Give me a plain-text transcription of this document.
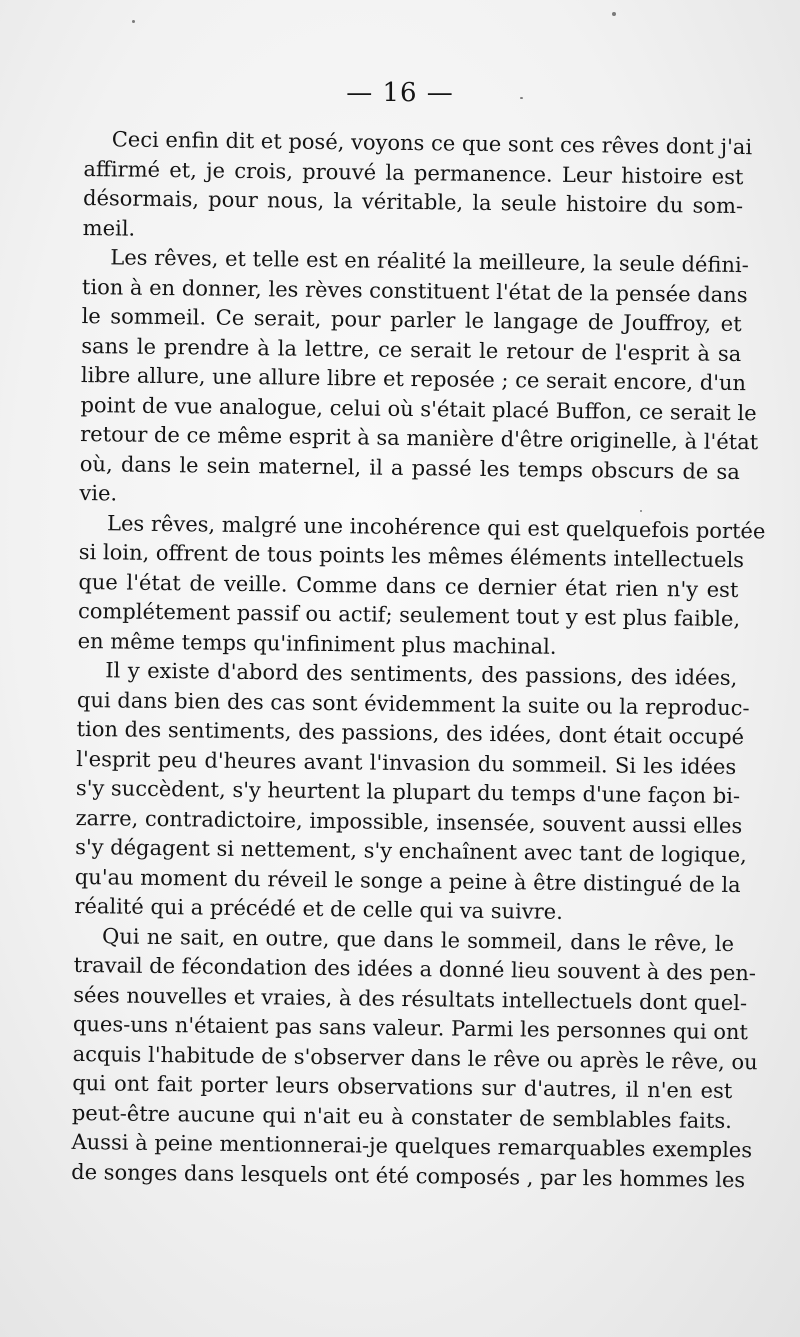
— 16 —

Ceci enfin dit et posé, voyons ce que sont ces rêves dont j'ai
affirmé et, je crois, prouvé la permanence. Leur histoire est
désormais, pour nous, la véritable, la seule histoire du som-
meil.

Les rêves, et telle est en réalité la meilleure, la seule défini-
tion à en donner, les rèves constituent l'état de la pensée dans
le sommeil. Ce serait, pour parler le langage de Jouffroy, et
sans le prendre à la lettre, ce serait le retour de l'esprit à sa
libre allure, une allure libre et reposée ; ce serait encore, d'un
point de vue analogue, celui où s'était placé Buffon, ce serait le
retour de ce même esprit à sa manière d'être originelle, à l'état
où, dans le sein maternel, il a passé les temps obscurs de sa
vie.

Les rêves, malgré une incohérence qui est quelquefois portée
si loin, offrent de tous points les mêmes éléments intellectuels
que l'état de veille. Comme dans ce dernier état rien n'y est
complétement passif ou actif; seulement tout y est plus faible,
en même temps qu'infiniment plus machinal.

Il y existe d'abord des sentiments, des passions, des idées,
qui dans bien des cas sont évidemment la suite ou la reproduc-
tion des sentiments, des passions, des idées, dont était occupé
l'esprit peu d'heures avant l'invasion du sommeil. Si les idées
s'y succèdent, s'y heurtent la plupart du temps d'une façon bi-
zarre, contradictoire, impossible, insensée, souvent aussi elles
s'y dégagent si nettement, s'y enchaînent avec tant de logique,
qu'au moment du réveil le songe a peine à être distingué de la
réalité qui a précédé et de celle qui va suivre.

Qui ne sait, en outre, que dans le sommeil, dans le rêve, le
travail de fécondation des idées a donné lieu souvent à des pen-
sées nouvelles et vraies, à des résultats intellectuels dont quel-
ques-uns n'étaient pas sans valeur. Parmi les personnes qui ont
acquis l'habitude de s'observer dans le rêve ou après le rêve, ou
qui ont fait porter leurs observations sur d'autres, il n'en est
peut-être aucune qui n'ait eu à constater de semblables faits.
Aussi à peine mentionnerai-je quelques remarquables exemples
de songes dans lesquels ont été composés , par les hommes les
